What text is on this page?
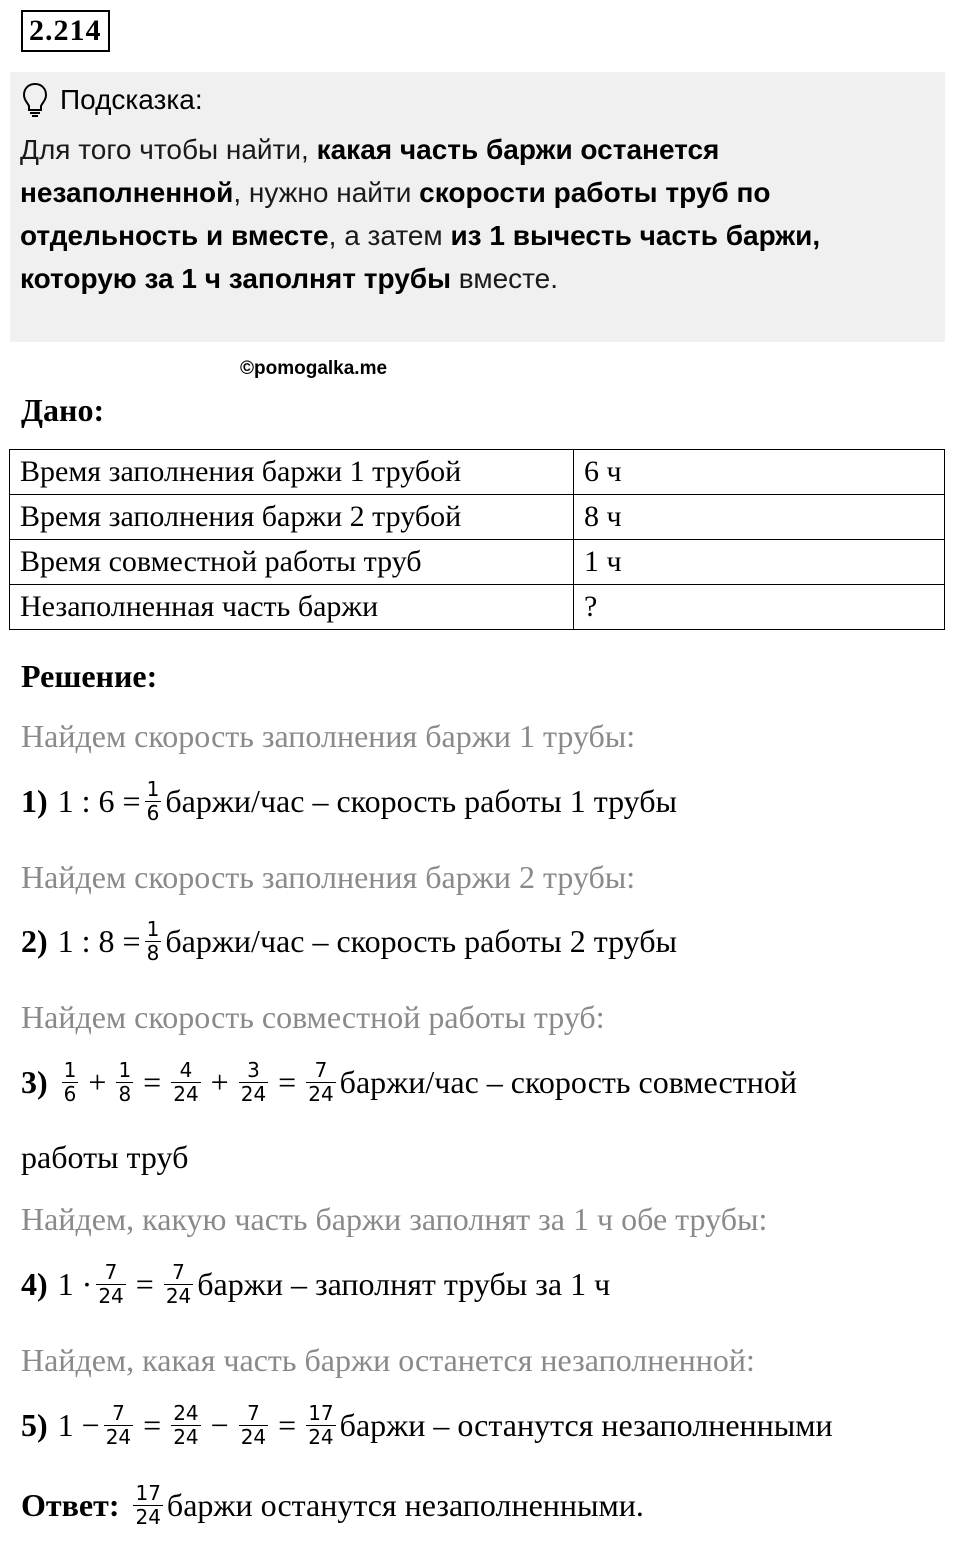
2.214
Подсказка:
Для того чтобы найти, какая часть баржи останется незаполненной, нужно найти скорости работы труб по отдельность и вместе, а затем из 1 вычесть часть баржи, которую за 1 ч заполнят трубы вместе.
©pomogalka.me
Дано:
Время заполнения баржи 1 трубой	6 ч
Время заполнения баржи 2 трубой	8 ч
Время совместной работы труб	1 ч
Незаполненная часть баржи	?
Решение:
Найдем скорость заполнения баржи 1 трубы:
1) 1 : $6 = \frac{1}{6}$ баржи/час – скорость работы 1 трубы
Найдем скорость заполнения баржи 2 трубы:
2) 1 : $8 = \frac{1}{8}$ баржи/час – скорость работы 2 трубы
Найдем скорость совместной работы труб:
$3) \frac{1}{6} + \frac{1}{8} = \frac{4}{24} + \frac{3}{24} = \frac{7}{24}$ баржи/час – скорость совместной
работы труб
Найдем, какую часть баржи заполнят за 1 ч обе трубы:
4) $1 \cdot \frac{7}{24} = \frac{7}{24}$ баржи – заполнят трубы за 1 ч
Найдем, какая часть баржи останется незаполненной:
5) $1 - \frac{7}{24} = \frac{24}{24} - \frac{7}{24} = \frac{17}{24}$ баржи – останутся незаполненными
Ответ: $\frac{17}{24}$ баржи останутся незаполненными.
